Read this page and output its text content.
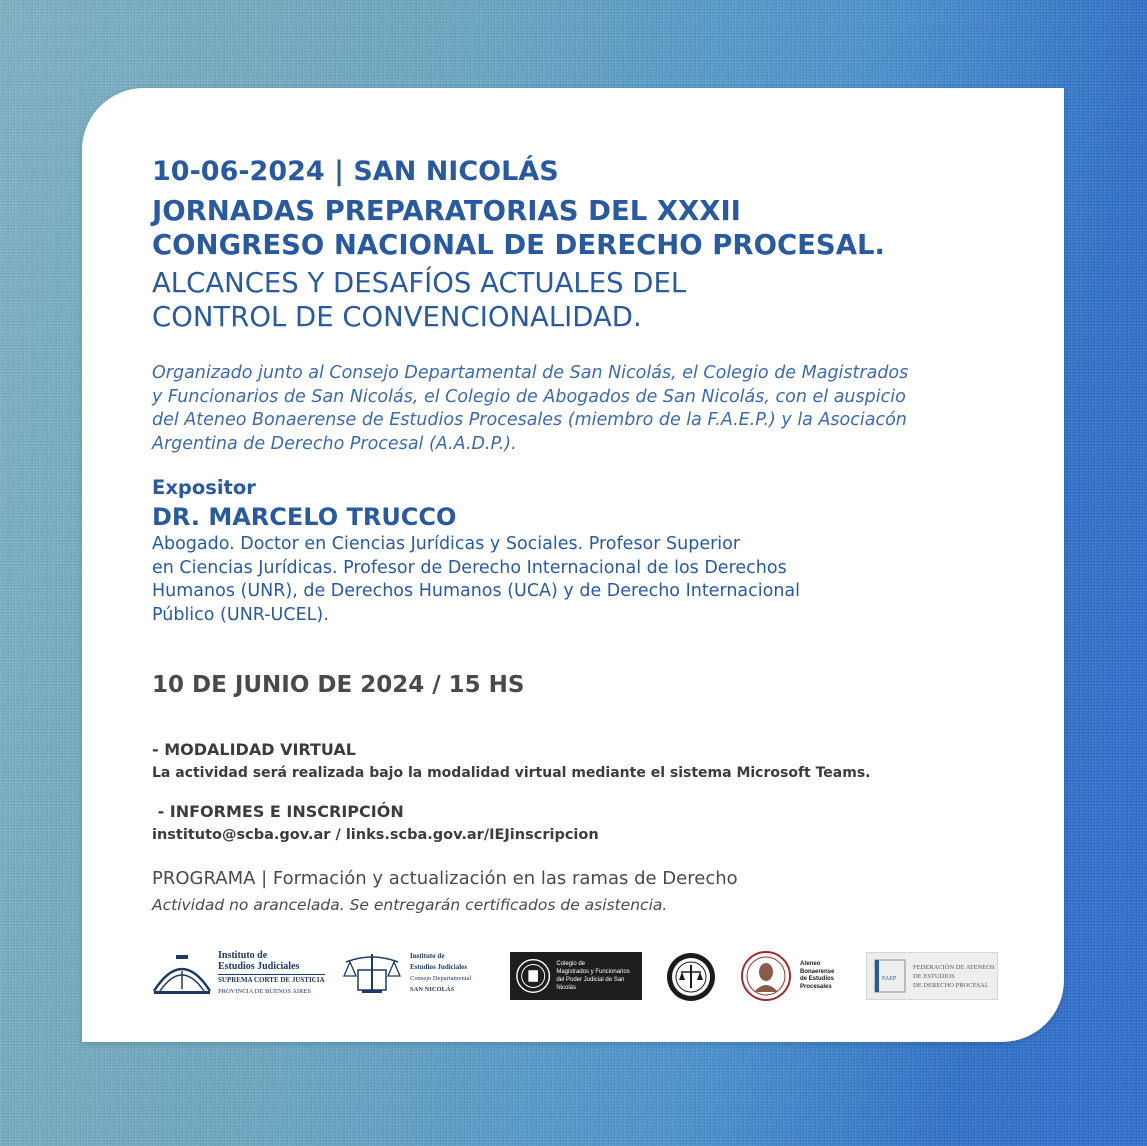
10-06-2024 | SAN NICOLÁS

JORNADAS PREPARATORIAS DEL XXXII
CONGRESO NACIONAL DE DERECHO PROCESAL.
ALCANCES Y DESAFÍOS ACTUALES DEL
CONTROL DE CONVENCIONALIDAD.
Organizado junto al Consejo Departamental de San Nicolás, el Colegio de Magistrados
y Funcionarios de San Nicolás, el Colegio de Abogados de San Nicolás, con el auspicio
del Ateneo Bonaerense de Estudios Procesales (miembro de la F.A.E.P.) y la Asociacón
Argentina de Derecho Procesal (A.A.D.P.).

Expositor

DR. MARCELO TRUCCO

Abogado. Doctor en Ciencias Jurídicas y Sociales. Profesor Superior
en Ciencias Jurídicas. Profesor de Derecho Internacional de los Derechos
Humanos (UNR), de Derechos Humanos (UCA) y de Derecho Internacional
Público (UNR-UCEL).

10 DE JUNIO DE 2024 / 15 HS

- MODALIDAD VIRTUAL

La actividad será realizada bajo la modalidad virtual mediante el sistema Microsoft Teams.

- INFORMES E INSCRIPCIÓN

instituto@scba.gov.ar / links.scba.gov.ar/IEJinscripcion

PROGRAMA | Formación y actualización en las ramas de Derecho

Actividad no arancelada. Se entregarán certificados de asistencia.

Instituto de
Estudios Judiciales
SUPREMA CORTE DE JUSTICIA
PROVINCIA DE BUENOS AIRES
Instituto de
Estudios Judiciales
Consejo Departamental
SAN NICOLÁS
Colegio de
Magistrados y Funcionarios
del Poder Judicial de San Nicolás
Ateneo
Bonaerense
de Estudios
Procesales
FAEP
FEDERACIÓN DE ATENEOS
DE ESTUDIOS
DE DERECHO PROCESAL
